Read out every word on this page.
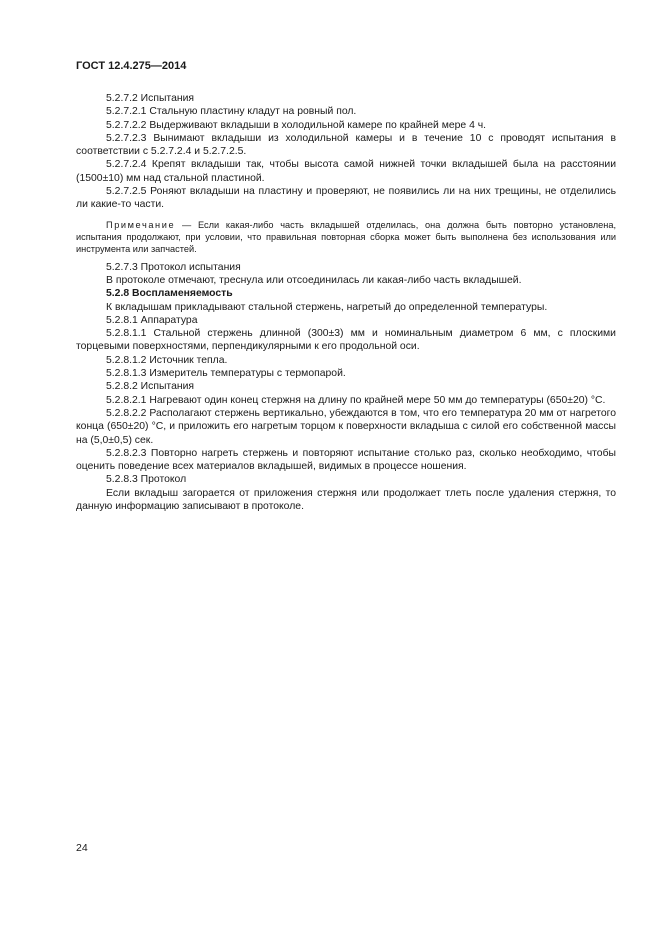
ГОСТ 12.4.275—2014

5.2.7.2 Испытания

5.2.7.2.1 Стальную пластину кладут на ровный пол.

5.2.7.2.2 Выдерживают вкладыши в холодильной камере по крайней мере 4 ч.

5.2.7.2.3 Вынимают вкладыши из холодильной камеры и в течение 10 с проводят испытания в соответствии с 5.2.7.2.4 и 5.2.7.2.5.

5.2.7.2.4 Крепят вкладыши так, чтобы высота самой нижней точки вкладышей была на расстоянии (1500±10) мм над стальной пластиной.

5.2.7.2.5 Роняют вкладыши на пластину и проверяют, не появились ли на них трещины, не отделились ли какие-то части.

Примечание — Если какая-либо часть вкладышей отделилась, она должна быть повторно установлена, испытания продолжают, при условии, что правильная повторная сборка может быть выполнена без использования или инструмента или запчастей.

5.2.7.3 Протокол испытания

В протоколе отмечают, треснула или отсоединилась ли какая-либо часть вкладышей.

5.2.8 Воспламеняемость

К вкладышам прикладывают стальной стержень, нагретый до определенной температуры.

5.2.8.1 Аппаратура

5.2.8.1.1 Стальной стержень длинной (300±3) мм и номинальным диаметром 6 мм, с плоскими торцевыми поверхностями, перпендикулярными к его продольной оси.

5.2.8.1.2 Источник тепла.

5.2.8.1.3 Измеритель температуры с термопарой.

5.2.8.2 Испытания

5.2.8.2.1 Нагревают один конец стержня на длину по крайней мере 50 мм до температуры (650±20) °С.

5.2.8.2.2 Располагают стержень вертикально, убеждаются в том, что его температура 20 мм от нагретого конца (650±20) °С, и приложить его нагретым торцом к поверхности вкладыша с силой его собственной массы на (5,0±0,5) сек.

5.2.8.2.3 Повторно нагреть стержень и повторяют испытание столько раз, сколько необходимо, чтобы оценить поведение всех материалов вкладышей, видимых в процессе ношения.

5.2.8.3 Протокол

Если вкладыш загорается от приложения стержня или продолжает тлеть после удаления стержня, то данную информацию записывают в протоколе.

24
